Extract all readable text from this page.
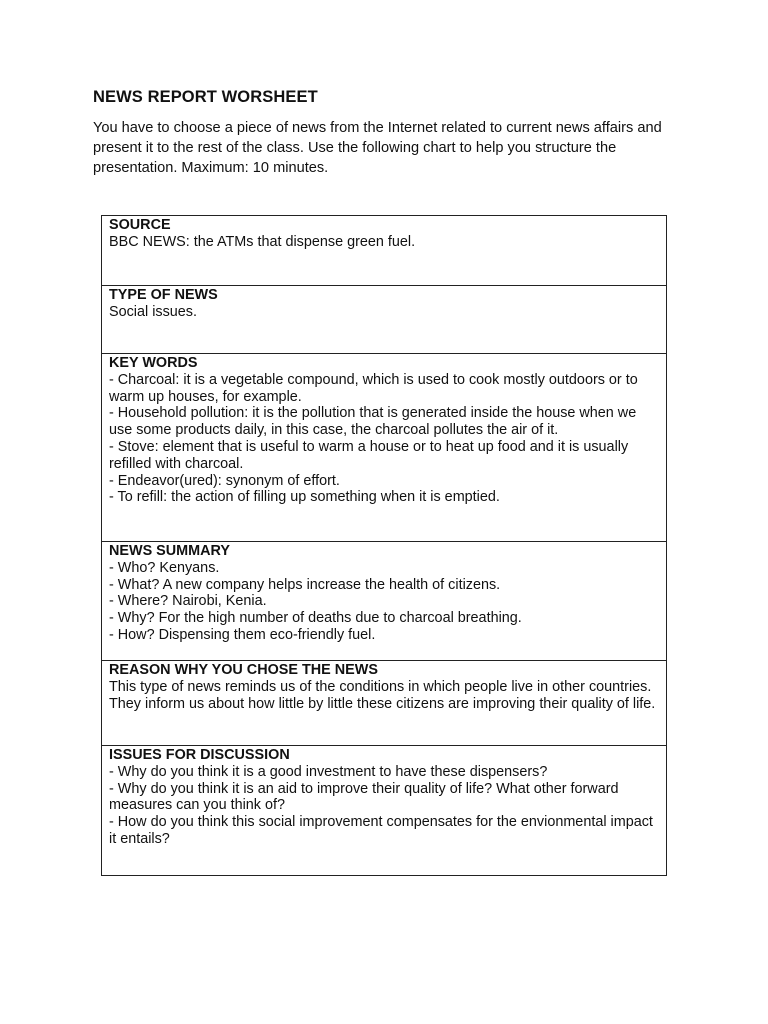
NEWS REPORT WORSHEET

You have to choose a piece of news from the Internet related to current news affairs and present it to the rest of the class. Use the following chart to help you structure the presentation. Maximum: 10 minutes.

SOURCE

BBC NEWS: the ATMs that dispense green fuel.

TYPE OF NEWS

Social issues.

KEY WORDS

- Charcoal: it is a vegetable compound, which is used to cook mostly outdoors or to warm up houses, for example.

- Household pollution: it is the pollution that is generated inside the house when we use some products daily, in this case, the charcoal pollutes the air of it.

- Stove: element that is useful to warm a house or to heat up food and it is usually refilled with charcoal.

- Endeavor(ured): synonym of effort.

- To refill: the action of filling up something when it is emptied.

NEWS SUMMARY

- Who? Kenyans.

- What? A new company helps increase the health of citizens.

- Where? Nairobi, Kenia.

- Why? For the high number of deaths due to charcoal breathing.

- How? Dispensing them eco-friendly fuel.

REASON WHY YOU CHOSE THE NEWS

This type of news reminds us of the conditions in which people live in other countries. They inform us about how little by little these citizens are improving their quality of life.

ISSUES FOR DISCUSSION

- Why do you think it is a good investment to have these dispensers?

- Why do you think it is an aid to improve their quality of life? What other forward measures can you think of?

- How do you think this social improvement compensates for the envionmental impact it entails?
